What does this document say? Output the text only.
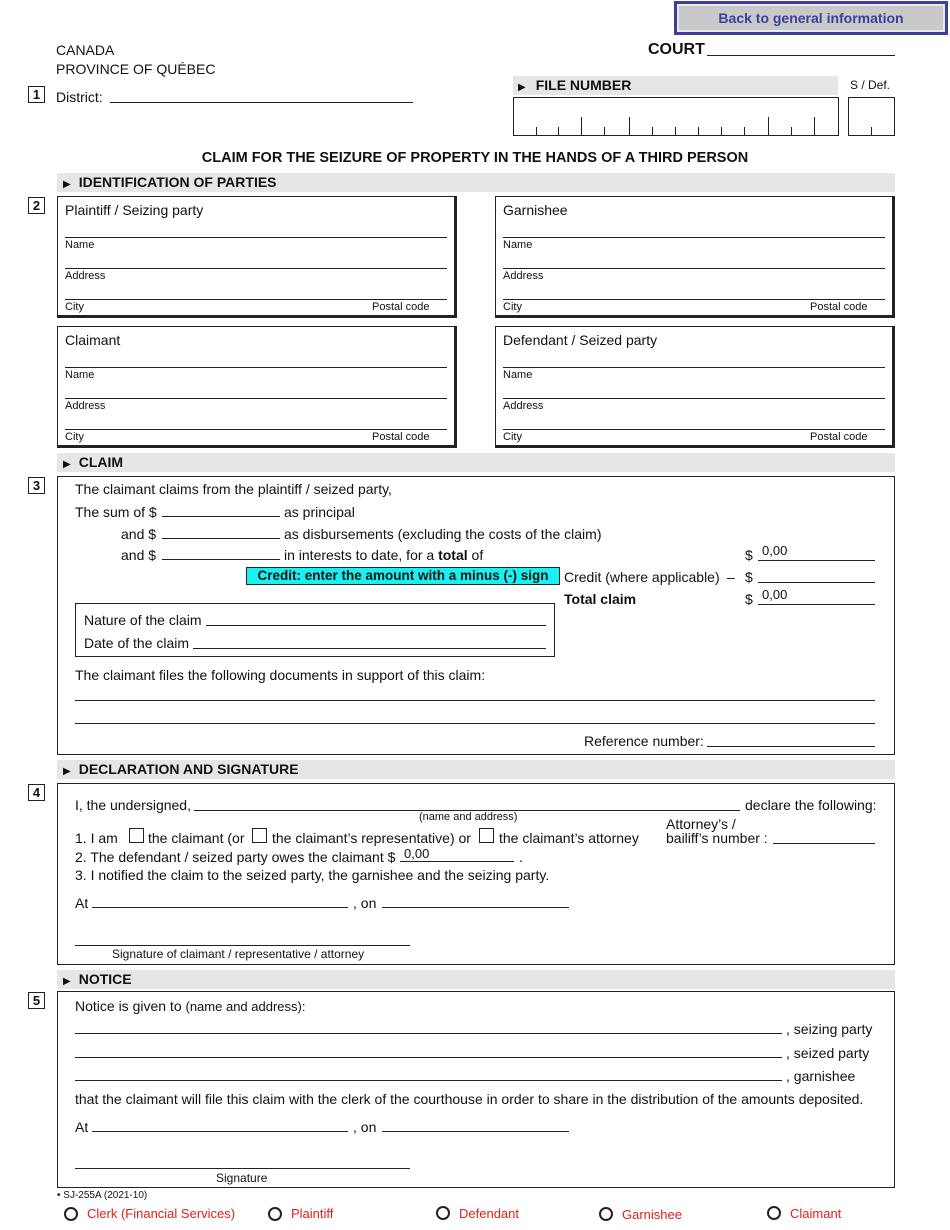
Back to general information
CANADA
PROVINCE OF QUÉBEC
1	District:
COURT
▶ FILE NUMBER	S / Def.
CLAIM FOR THE SEIZURE OF PROPERTY IN THE HANDS OF A THIRD PERSON
▶ IDENTIFICATION OF PARTIES
2	Plaintiff / Seizing party
Name
Address
City	Postal code
Garnishee
Name
Address
City	Postal code
Claimant
Name
Address
City	Postal code
Defendant / Seized party
Name
Address
City	Postal code
▶ CLAIM
3	The claimant claims from the plaintiff / seized party,
The sum of $	as principal
and $	as disbursements (excluding the costs of the claim)
and $	in interests to date, for a total of	$ 0,00
Credit: enter the amount with a minus (-) sign	Credit (where applicable) – $
Total claim	$ 0,00
Nature of the claim
Date of the claim
The claimant files the following documents in support of this claim:
Reference number:
▶ DECLARATION AND SIGNATURE
4
I, the undersigned,
(name and address)
declare the following:
1. I am the claimant (or the claimant’s representative) or the claimant’s attorney
Attorney’s /
bailiff’s number :
2. The defendant / seized party owes the claimant $ 0,00	.
3. I notified the claim to the seized party, the garnishee and the seizing party.
At	, on
Signature of claimant / representative / attorney
▶ NOTICE
5	Notice is given to (name and address):
, seizing party
, seized party
, garnishee
that the claimant will file this claim with the clerk of the courthouse in order to share in the distribution of the amounts deposited.
At	, on
Signature
• SJ-255A (2021-10)
Clerk (Financial Services)	Plaintiff	Defendant	Garnishee	Claimant
